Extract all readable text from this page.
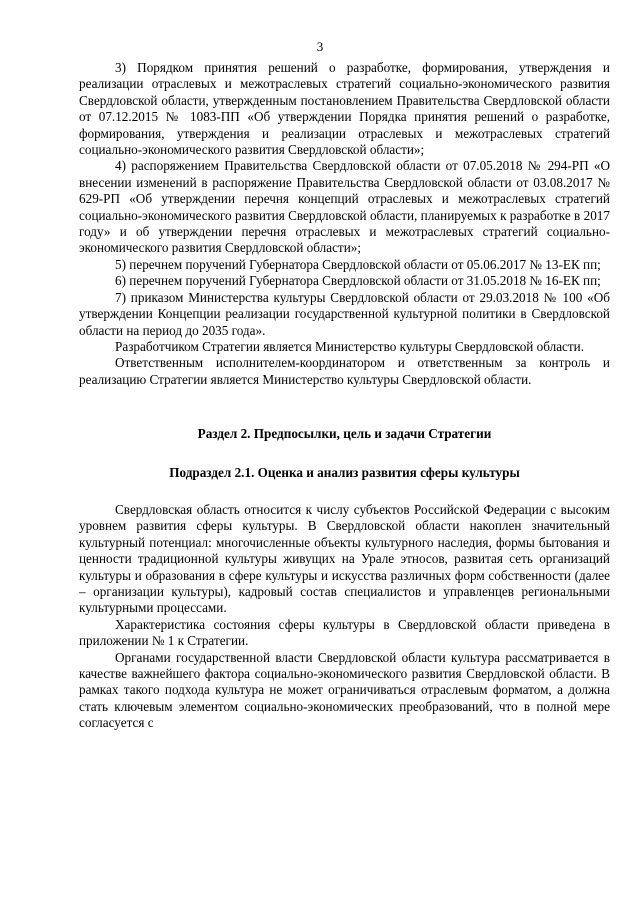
3

3) Порядком принятия решений о разработке, формирования, утверждения и реализации отраслевых и межотраслевых стратегий социально-экономического развития Свердловской области, утвержденным постановлением Правительства Свердловской области от 07.12.2015 № 1083-ПП «Об утверждении Порядка принятия решений о разработке, формирования, утверждения и реализации отраслевых и межотраслевых стратегий социально-экономического развития Свердловской области»;

4) распоряжением Правительства Свердловской области от 07.05.2018 № 294-РП «О внесении изменений в распоряжение Правительства Свердловской области от 03.08.2017 № 629-РП «Об утверждении перечня концепций отраслевых и межотраслевых стратегий социально-экономического развития Свердловской области, планируемых к разработке в 2017 году» и об утверждении перечня отраслевых и межотраслевых стратегий социально-экономического развития Свердловской области»;

5) перечнем поручений Губернатора Свердловской области от 05.06.2017 № 13-ЕК пп;

6) перечнем поручений Губернатора Свердловской области от 31.05.2018 № 16-ЕК пп;

7) приказом Министерства культуры Свердловской области от 29.03.2018 № 100 «Об утверждении Концепции реализации государственной культурной политики в Свердловской области на период до 2035 года».

Разработчиком Стратегии является Министерство культуры Свердловской области.

Ответственным исполнителем-координатором и ответственным за контроль и реализацию Стратегии является Министерство культуры Свердловской области.

Раздел 2. Предпосылки, цель и задачи Стратегии

Подраздел 2.1. Оценка и анализ развития сферы культуры

Свердловская область относится к числу субъектов Российской Федерации с высоким уровнем развития сферы культуры. В Свердловской области накоплен значительный культурный потенциал: многочисленные объекты культурного наследия, формы бытования и ценности традиционной культуры живущих на Урале этносов, развитая сеть организаций культуры и образования в сфере культуры и искусства различных форм собственности (далее – организации культуры), кадровый состав специалистов и управленцев региональными культурными процессами.

Характеристика состояния сферы культуры в Свердловской области приведена в приложении № 1 к Стратегии.

Органами государственной власти Свердловской области культура рассматривается в качестве важнейшего фактора социально-экономического развития Свердловской области. В рамках такого подхода культура не может ограничиваться отраслевым форматом, а должна стать ключевым элементом социально-экономических преобразований, что в полной мере согласуется с
